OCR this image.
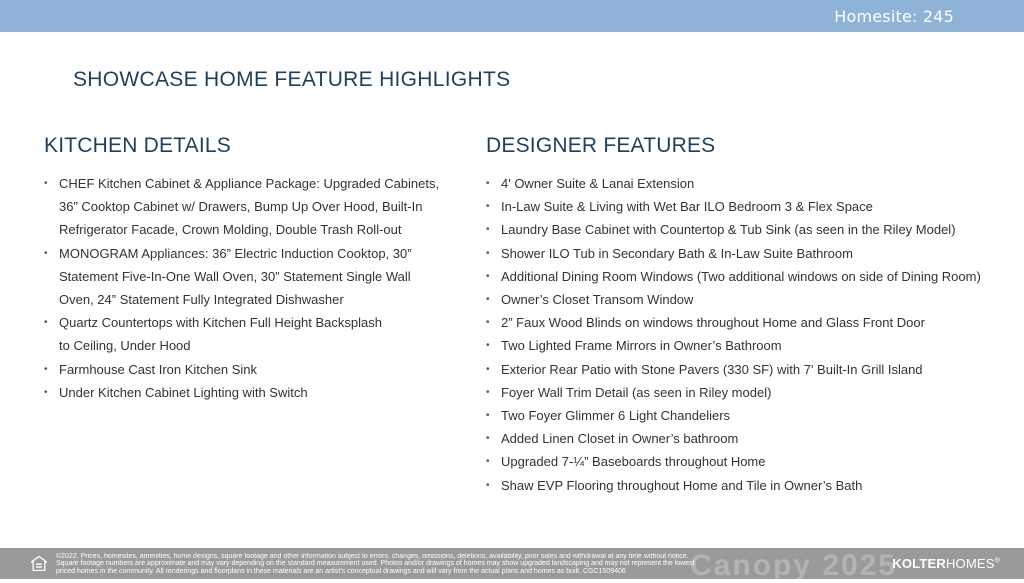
Homesite: 245
SHOWCASE HOME FEATURE HIGHLIGHTS
KITCHEN DETAILS
• CHEF Kitchen Cabinet & Appliance Package: Upgraded Cabinets,
36” Cooktop Cabinet w/ Drawers, Bump Up Over Hood, Built-In
Refrigerator Facade, Crown Molding, Double Trash Roll-out
• MONOGRAM Appliances: 36” Electric Induction Cooktop, 30”
Statement Five-In-One Wall Oven, 30” Statement Single Wall
Oven, 24” Statement Fully Integrated Dishwasher
• Quartz Countertops with Kitchen Full Height Backsplash
to Ceiling, Under Hood
• Farmhouse Cast Iron Kitchen Sink
• Under Kitchen Cabinet Lighting with Switch
DESIGNER FEATURES
• 4' Owner Suite & Lanai Extension
• In-Law Suite & Living with Wet Bar ILO Bedroom 3 & Flex Space
• Laundry Base Cabinet with Countertop & Tub Sink (as seen in the Riley Model)
• Shower ILO Tub in Secondary Bath & In-Law Suite Bathroom
• Additional Dining Room Windows (Two additional windows on side of Dining Room)
• Owner’s Closet Transom Window
• 2” Faux Wood Blinds on windows throughout Home and Glass Front Door
• Two Lighted Frame Mirrors in Owner’s Bathroom
• Exterior Rear Patio with Stone Pavers (330 SF) with 7' Built-In Grill Island
• Foyer Wall Trim Detail (as seen in Riley model)
• Two Foyer Glimmer 6 Light Chandeliers
• Added Linen Closet in Owner’s bathroom
• Upgraded 7-¼” Baseboards throughout Home
• Shaw EVP Flooring throughout Home and Tile in Owner’s Bath
©2022. Prices, homesites, amenities, home designs, square footage and other information subject to errors, changes, omissions, deletions, availability, prior sales and withdrawal at any time without notice.
Square footage numbers are approximate and may vary depending on the standard measurement used. Photos and/or drawings of homes may show upgraded landscaping and may not represent the lowest
priced homes in the community. All renderings and floorplans in these materials are an artist’s conceptual drawings and will vary from the actual plans and homes as built. CGC1509406	Canopy 2025
KOLTERHOMES®
